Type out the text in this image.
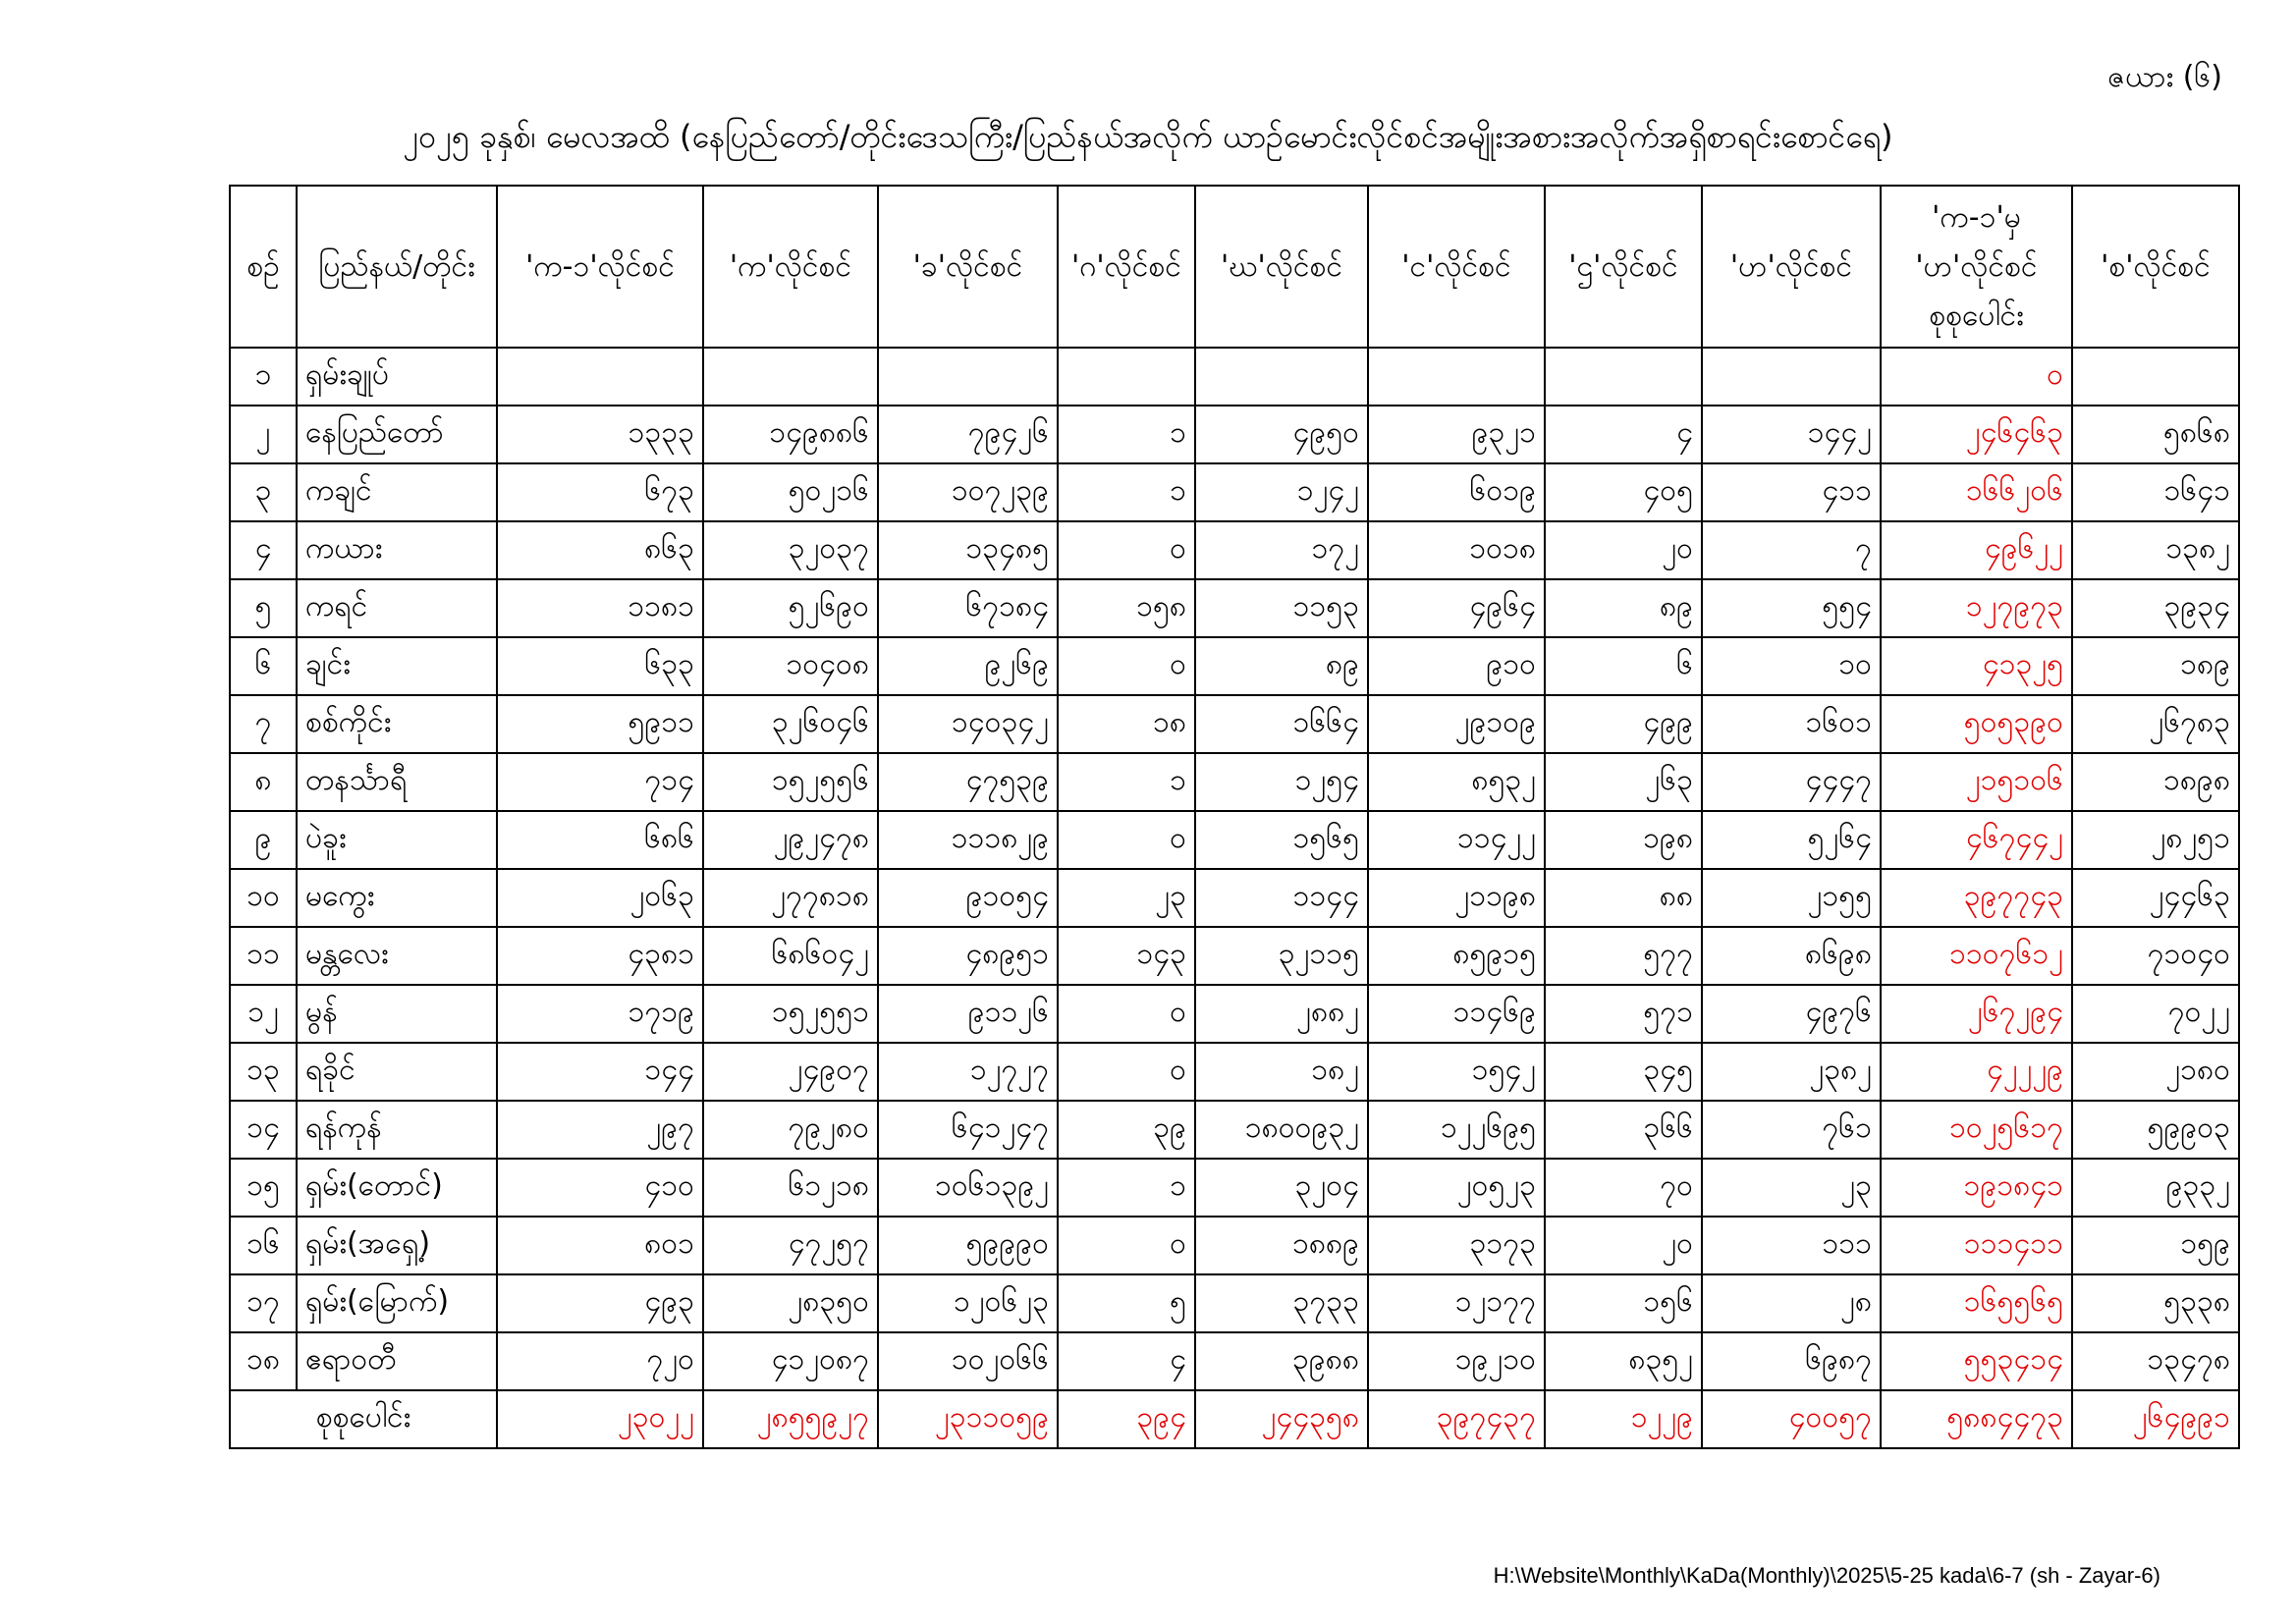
ဇယား (၆)
၂၀၂၅ ခုနှစ်၊ မေလအထိ (နေပြည်တော်/တိုင်းဒေသကြီး/ပြည်နယ်အလိုက် ယာဉ်မောင်းလိုင်စင်အမျိုးအစားအလိုက်အရှိစာရင်းစောင်ရေ)
စဉ်	ပြည်နယ်/တိုင်း	'က-၁'လိုင်စင်	'က'လိုင်စင်	'ခ'လိုင်စင်	'ဂ'လိုင်စင်	'ဃ'လိုင်စင်	'င'လိုင်စင်	'ဌ'လိုင်စင်	'ဟ'လိုင်စင်	'က-၁'မှ 'ဟ'လိုင်စင် စုစုပေါင်း	'စ'လိုင်စင်
၁	ရှမ်းချုပ်									၀	
၂	နေပြည်တော်	၁၃၃၃	၁၄၉၈၈၆	၇၉၄၂၆	၁	၄၉၅၀	၉၃၂၁	၄	၁၄၄၂	၂၄၆၄၆၃	၅၈၆၈
၃	ကချင်	၆၇၃	၅၀၂၁၆	၁၀၇၂၃၉	၁	၁၂၄၂	၆၀၁၉	၄၀၅	၄၁၁	၁၆၆၂၀၆	၁၆၄၁
၄	ကယား	၈၆၃	၃၂၀၃၇	၁၃၄၈၅	၀	၁၇၂	၁၀၁၈	၂၀	၇	၄၉၆၂၂	၁၃၈၂
၅	ကရင်	၁၁၈၁	၅၂၆၉၀	၆၇၁၈၄	၁၅၈	၁၁၅၃	၄၉၆၄	၈၉	၅၅၄	၁၂၇၉၇၃	၃၉၃၄
၆	ချင်း	၆၃၃	၁၀၄၀၈	၉၂၆၉	၀	၈၉	၉၁၀	၆	၁၀	၄၁၃၂၅	၁၈၉
၇	စစ်ကိုင်း	၅၉၁၁	၃၂၆၀၄၆	၁၄၀၃၄၂	၁၈	၁၆၆၄	၂၉၁၀၉	၄၉၉	၁၆၀၁	၅၀၅၃၉၀	၂၆၇၈၃
၈	တနင်္သာရီ	၇၁၄	၁၅၂၅၅၆	၄၇၅၃၉	၁	၁၂၅၄	၈၅၃၂	၂၆၃	၄၄၄၇	၂၁၅၁၀၆	၁၈၉၈
၉	ပဲခူး	၆၈၆	၂၉၂၄၇၈	၁၁၁၈၂၉	၀	၁၅၆၅	၁၁၄၂၂	၁၉၈	၅၂၆၄	၄၆၇၄၄၂	၂၈၂၅၁
၁၀	မကွေး	၂၀၆၃	၂၇၇၈၁၈	၉၁၀၅၄	၂၃	၁၁၄၄	၂၁၁၉၈	၈၈	၂၁၅၅	၃၉၇၇၄၃	၂၄၄၆၃
၁၁	မန္တလေး	၄၃၈၁	၆၈၆၀၄၂	၄၈၉၅၁	၁၄၃	၃၂၁၁၅	၈၅၉၁၅	၅၇၇	၈၆၉၈	၁၁၀၇၆၁၂	၇၁၀၄၀
၁၂	မွန်	၁၇၁၉	၁၅၂၅၅၁	၉၁၁၂၆	၀	၂၈၈၂	၁၁၄၆၉	၅၇၁	၄၉၇၆	၂၆၇၂၉၄	၇၀၂၂
၁၃	ရခိုင်	၁၄၄	၂၄၉၀၇	၁၂၇၂၇	၀	၁၈၂	၁၅၄၂	၃၄၅	၂၃၈၂	၄၂၂၂၉	၂၁၈၀
၁၄	ရန်ကုန်	၂၉၇	၇၉၂၈၀	၆၄၁၂၄၇	၃၉	၁၈၀၀၉၃၂	၁၂၂၆၉၅	၃၆၆	၇၆၁	၁၀၂၅၆၁၇	၅၉၉၀၃
၁၅	ရှမ်း(တောင်)	၄၁၀	၆၁၂၁၈	၁၀၆၁၃၉၂	၁	၃၂၀၄	၂၀၅၂၃	၇၀	၂၃	၁၉၁၈၄၁	၉၃၃၂
၁၆	ရှမ်း(အရှေ့)	၈၀၁	၄၇၂၅၇	၅၉၉၉၀	၀	၁၈၈၉	၃၁၇၃	၂၀	၁၁၁	၁၁၁၄၁၁	၁၅၉
၁၇	ရှမ်း(မြောက်)	၄၉၃	၂၈၃၅၀	၁၂၀၆၂၃	၅	၃၇၃၃	၁၂၁၇၇	၁၅၆	၂၈	၁၆၅၅၆၅	၅၃၃၈
၁၈	ဧရာဝတီ	၇၂၀	၄၁၂၀၈၇	၁၀၂၀၆၆	၄	၃၉၈၈	၁၉၂၁၀	၈၃၅၂	၆၉၈၇	၅၅၃၄၁၄	၁၃၄၇၈
စုစုပေါင်း		၂၃၀၂၂	၂၈၅၅၉၂၇	၂၃၁၁၀၅၉	၃၉၄	၂၄၄၃၅၈	၃၉၇၄၃၇	၁၂၂၉	၄၀၀၅၇	၅၈၈၄၄၇၃	၂၆၄၉၉၁
H:\Website\Monthly\KaDa(Monthly)\2025\5-25 kada\6-7 (sh - Zayar-6)
